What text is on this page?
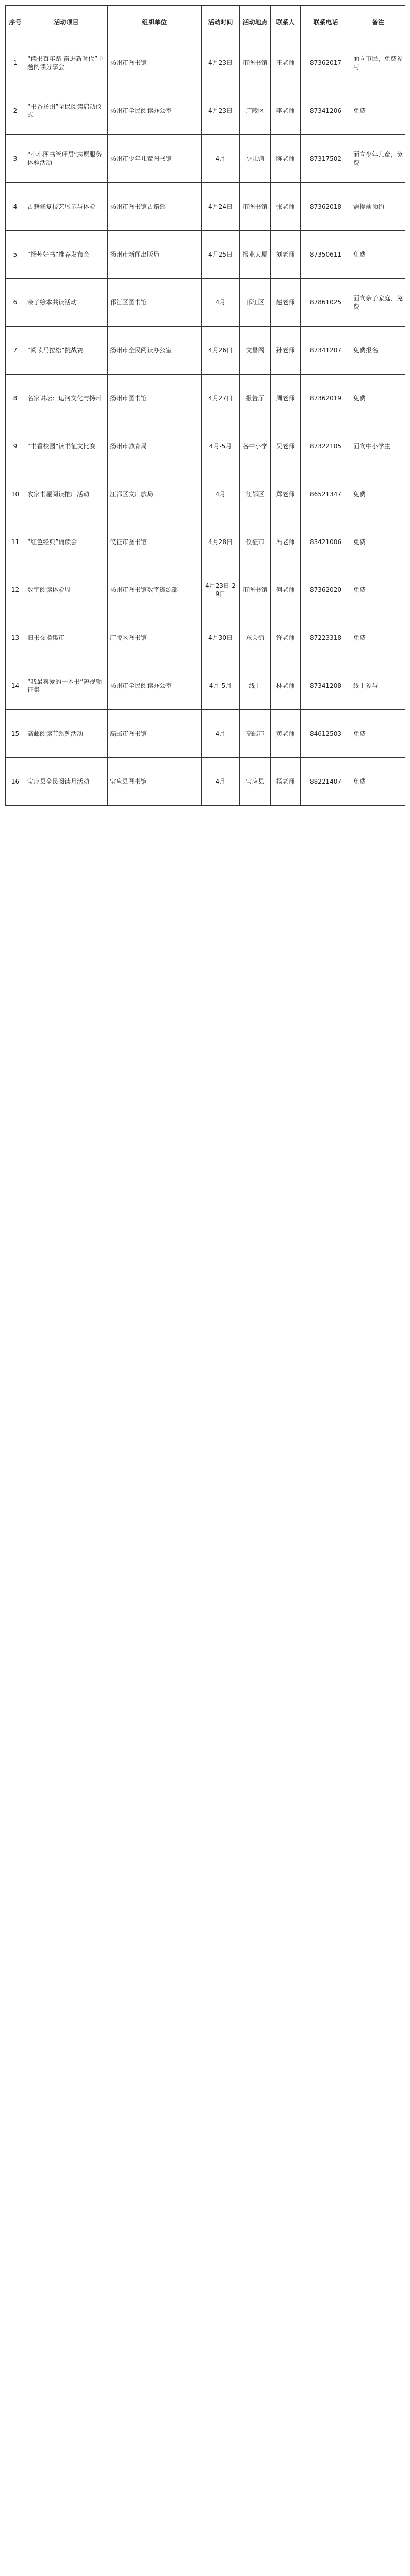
序号	活动项目	组织单位	活动时间	活动地点	联系人	联系电话	备注
1	“读书百年路 奋进新时代”主题阅读分享会	扬州市图书馆	4月23日	市图书馆	王老师	87362017	面向市民，免费参与
2	“书香扬州”全民阅读启动仪式	扬州市全民阅读办公室	4月23日	广陵区	李老师	87341206	免费
3	“小小图书管理员”志愿服务体验活动	扬州市少年儿童图书馆	4月	少儿馆	陈老师	87317502	面向少年儿童，免费
4	古籍修复技艺展示与体验	扬州市图书馆古籍部	4月24日	市图书馆	张老师	87362018	需提前预约
5	“扬州好书”推荐发布会	扬州市新闻出版局	4月25日	报业大厦	刘老师	87350611	免费
6	亲子绘本共读活动	邗江区图书馆	4月	邗江区	赵老师	87861025	面向亲子家庭，免费
7	“阅读马拉松”挑战赛	扬州市全民阅读办公室	4月26日	文昌阁	孙老师	87341207	免费报名
8	名家讲坛：运河文化与扬州	扬州市图书馆	4月27日	报告厅	周老师	87362019	免费
9	“书香校园”读书征文比赛	扬州市教育局	4月-5月	各中小学	吴老师	87322105	面向中小学生
10	农家书屋阅读推广活动	江都区文广旅局	4月	江都区	郑老师	86521347	免费
11	“红色经典”诵读会	仪征市图书馆	4月28日	仪征市	冯老师	83421006	免费
12	数字阅读体验周	扬州市图书馆数字资源部	4月23日-29日	市图书馆	何老师	87362020	免费
13	旧书交换集市	广陵区图书馆	4月30日	东关街	许老师	87223318	免费
14	“我最喜爱的一本书”短视频征集	扬州市全民阅读办公室	4月-5月	线上	林老师	87341208	线上参与
15	高邮阅读节系列活动	高邮市图书馆	4月	高邮市	黄老师	84612503	免费
16	宝应县全民阅读月活动	宝应县图书馆	4月	宝应县	杨老师	88221407	免费
